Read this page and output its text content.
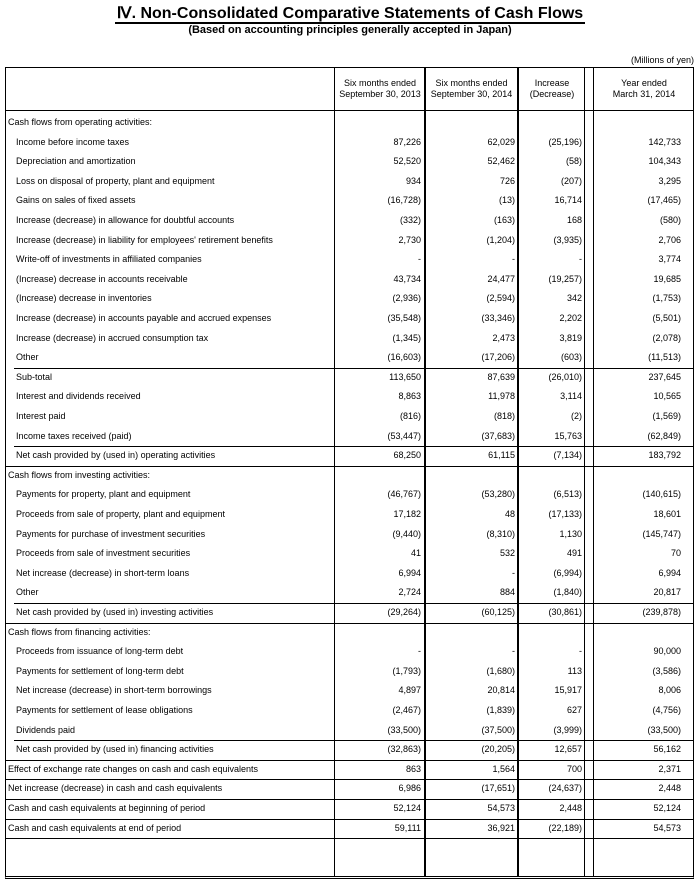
Ⅳ. Non-Consolidated Comparative Statements of Cash Flows
(Based on accounting principles generally accepted in Japan)
(Millions of yen)
Six months ended
September 30, 2013
Six months ended
September 30, 2014
Increase
(Decrease)
Year ended
March 31, 2014
Cash flows from operating activities:
Income before income taxes	87,226	62,029	(25,196)	142,733
Depreciation and amortization	52,520	52,462	(58)	104,343
Loss on disposal of property, plant and equipment	934	726	(207)	3,295
Gains on sales of fixed assets	(16,728)	(13)	16,714	(17,465)
Increase (decrease) in allowance for doubtful accounts	(332)	(163)	168	(580)
Increase (decrease) in liability for employees' retirement benefits	2,730	(1,204)	(3,935)	2,706
Write-off of investments in affiliated companies	-	-	-	3,774
(Increase) decrease in accounts receivable	43,734	24,477	(19,257)	19,685
(Increase) decrease in inventories	(2,936)	(2,594)	342	(1,753)
Increase (decrease) in accounts payable and accrued expenses	(35,548)	(33,346)	2,202	(5,501)
Increase (decrease) in accrued consumption tax	(1,345)	2,473	3,819	(2,078)
Other	(16,603)	(17,206)	(603)	(11,513)
Sub-total	113,650	87,639	(26,010)	237,645
Interest and dividends received	8,863	11,978	3,114	10,565
Interest paid	(816)	(818)	(2)	(1,569)
Income taxes received (paid)	(53,447)	(37,683)	15,763	(62,849)
Net cash provided by (used in) operating activities	68,250	61,115	(7,134)	183,792
Cash flows from investing activities:
Payments for property, plant and equipment	(46,767)	(53,280)	(6,513)	(140,615)
Proceeds from sale of property, plant and equipment	17,182	48	(17,133)	18,601
Payments for purchase of investment securities	(9,440)	(8,310)	1,130	(145,747)
Proceeds from sale of investment securities	41	532	491	70
Net increase (decrease) in short-term loans	6,994	-	(6,994)	6,994
Other	2,724	884	(1,840)	20,817
Net cash provided by (used in) investing activities	(29,264)	(60,125)	(30,861)	(239,878)
Cash flows from financing activities:
Proceeds from issuance of long-term debt	-	-	-	90,000
Payments for settlement of long-term debt	(1,793)	(1,680)	113	(3,586)
Net increase (decrease) in short-term borrowings	4,897	20,814	15,917	8,006
Payments for settlement of lease obligations	(2,467)	(1,839)	627	(4,756)
Dividends paid	(33,500)	(37,500)	(3,999)	(33,500)
Net cash provided by (used in) financing activities	(32,863)	(20,205)	12,657	56,162
Effect of exchange rate changes on cash and cash equivalents	863	1,564	700	2,371
Net increase (decrease) in cash and cash equivalents	6,986	(17,651)	(24,637)	2,448
Cash and cash equivalents at beginning of period	52,124	54,573	2,448	52,124
Cash and cash equivalents at end of period	59,111	36,921	(22,189)	54,573
